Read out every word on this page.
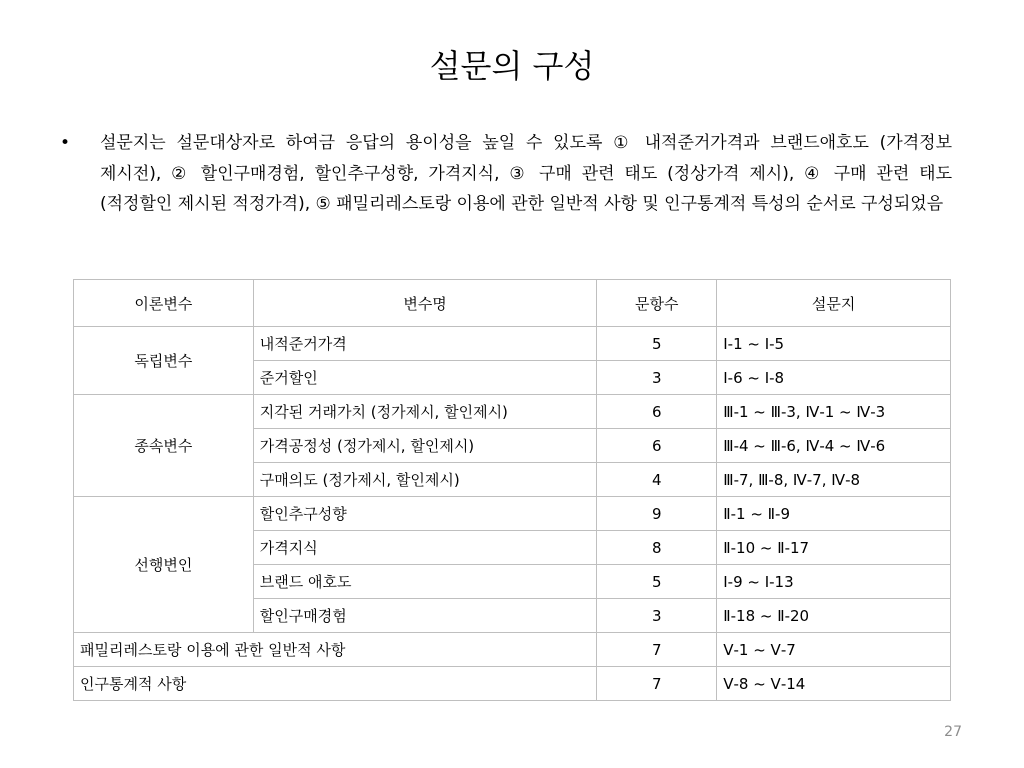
설문의 구성
• 설문지는 설문대상자로 하여금 응답의 용이성을 높일 수 있도록 ① 내적준거가격과 브랜드애호도 (가격정보 제시전), ② 할인구매경험, 할인추구성향, 가격지식, ③ 구매 관련 태도 (정상가격 제시), ④ 구매 관련 태도 (적정할인 제시된 적정가격), ⑤ 패밀리레스토랑 이용에 관한 일반적 사항 및 인구통계적 특성의 순서로 구성되었음
이론변수	변수명	문항수	설문지
독립변수	내적준거가격	5	Ⅰ-1 ~ Ⅰ-5
	준거할인	3	Ⅰ-6 ~ Ⅰ-8
종속변수	지각된 거래가치 (정가제시, 할인제시)	6	Ⅲ-1 ~ Ⅲ-3, Ⅳ-1 ~ Ⅳ-3
	가격공정성 (정가제시, 할인제시)	6	Ⅲ-4 ~ Ⅲ-6, Ⅳ-4 ~ Ⅳ-6
	구매의도 (정가제시, 할인제시)	4	Ⅲ-7, Ⅲ-8, Ⅳ-7, Ⅳ-8
선행변인	할인추구성향	9	Ⅱ-1 ~ Ⅱ-9
	가격지식	8	Ⅱ-10 ~ Ⅱ-17
	브랜드 애호도	5	Ⅰ-9 ~ Ⅰ-13
	할인구매경험	3	Ⅱ-18 ~ Ⅱ-20
패밀리레스토랑 이용에 관한 일반적 사항		7	Ⅴ-1 ~ Ⅴ-7
인구통계적 사항		7	Ⅴ-8 ~ Ⅴ-14
27
